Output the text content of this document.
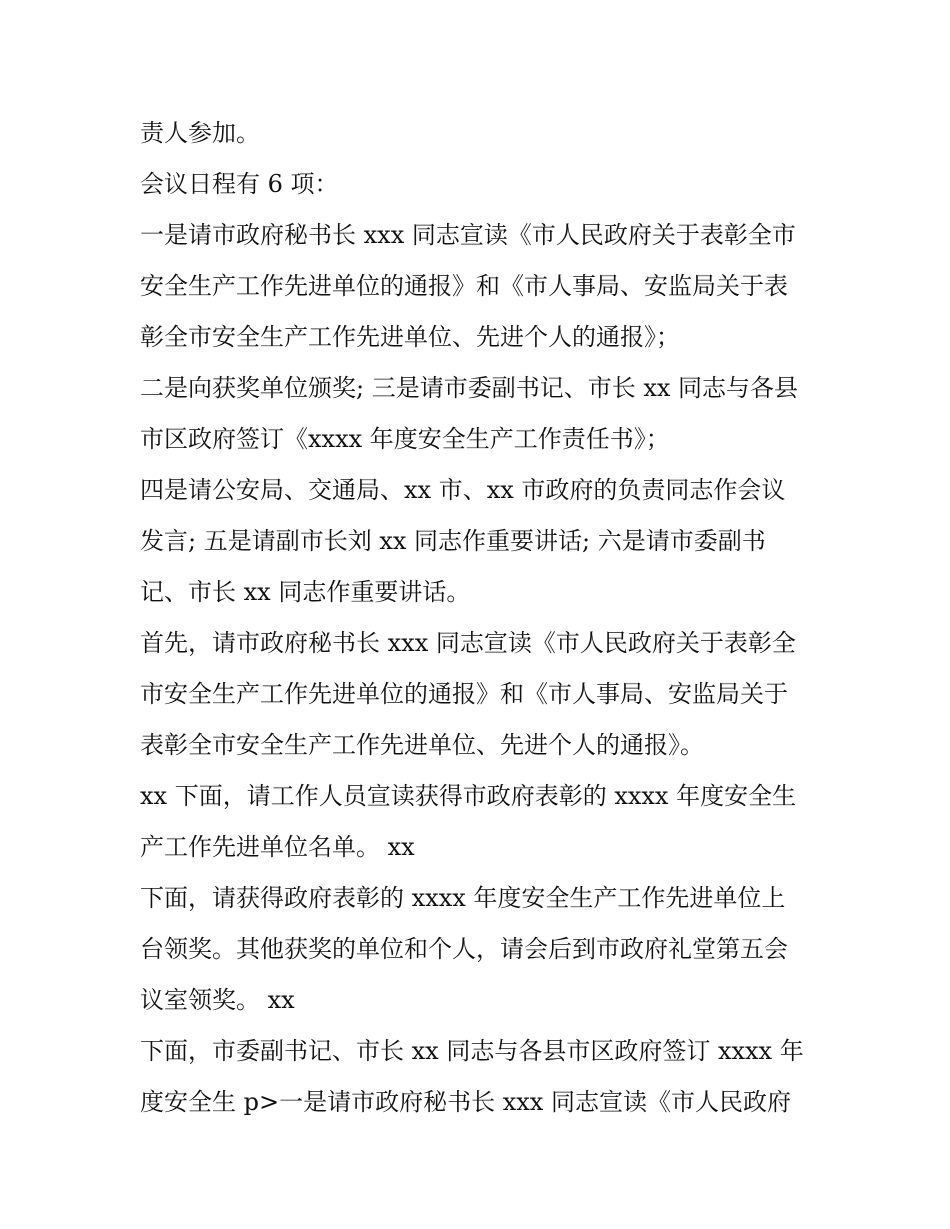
责人参加。
会议日程有 6 项：
一是请市政府秘书长 xxx 同志宣读《市人民政府关于表彰全市
安全生产工作先进单位的通报》和《市人事局、安监局关于表
彰全市安全生产工作先进单位、先进个人的通报》；
二是向获奖单位颁奖; 三是请市委副书记、市长 xx 同志与各县
市区政府签订《xxxx 年度安全生产工作责任书》；
四是请公安局、交通局、xx 市、xx 市政府的负责同志作会议
发言; 五是请副市长刘 xx 同志作重要讲话; 六是请市委副书
记、市长 xx 同志作重要讲话。
首先，请市政府秘书长 xxx 同志宣读《市人民政府关于表彰全
市安全生产工作先进单位的通报》和《市人事局、安监局关于
表彰全市安全生产工作先进单位、先进个人的通报》。
xx 下面，请工作人员宣读获得市政府表彰的 xxxx 年度安全生
产工作先进单位名单。 xx
下面，请获得政府表彰的 xxxx 年度安全生产工作先进单位上
台领奖。其他获奖的单位和个人，请会后到市政府礼堂第五会
议室领奖。 xx
下面，市委副书记、市长 xx 同志与各县市区政府签订 xxxx 年
度安全生 p>一是请市政府秘书长 xxx 同志宣读《市人民政府
